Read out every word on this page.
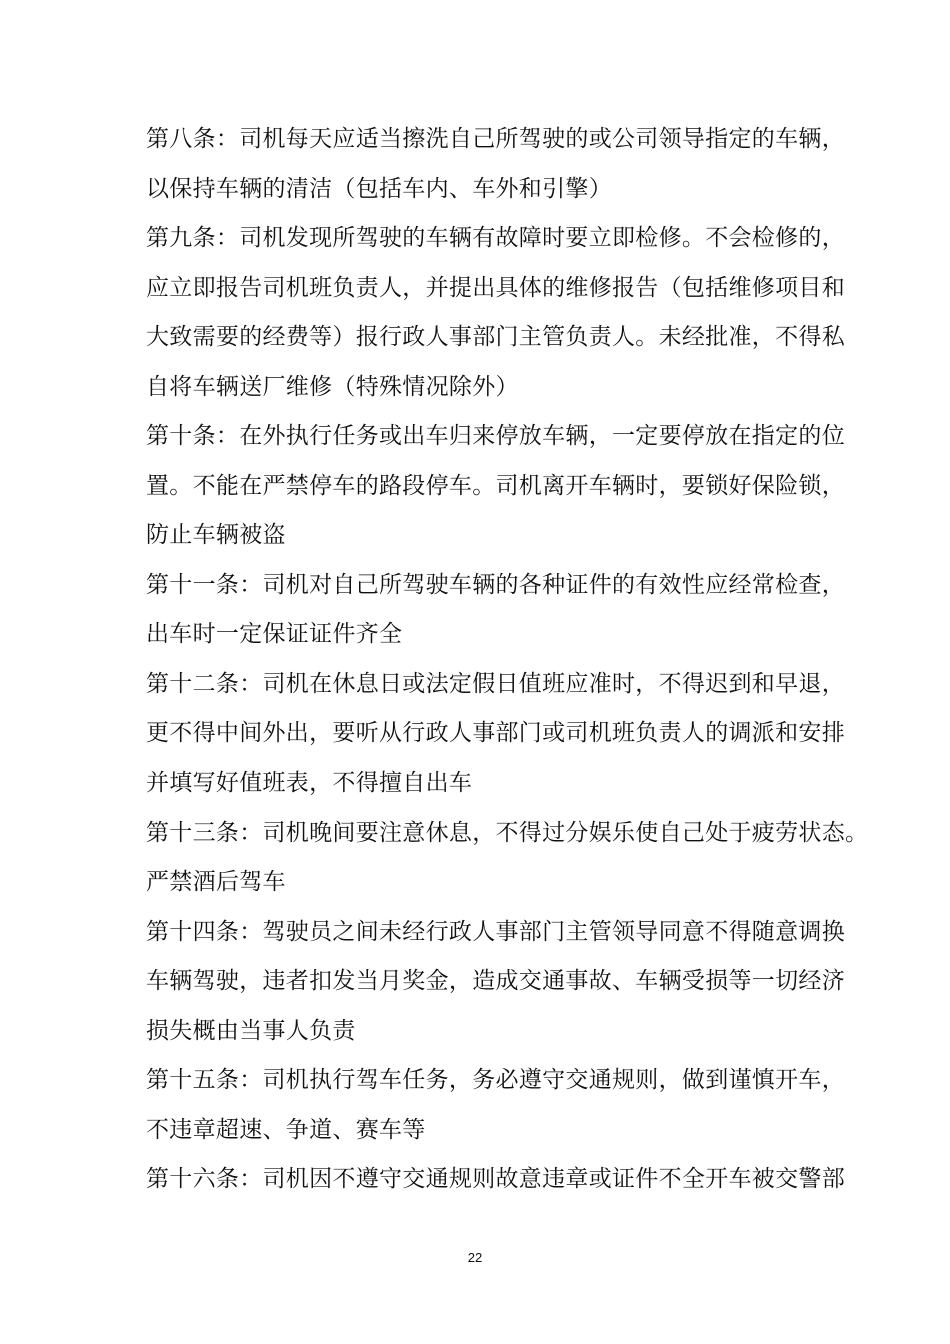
第八条：司机每天应适当擦洗自己所驾驶的或公司领导指定的车辆，
以保持车辆的清洁（包括车内、车外和引擎）
第九条：司机发现所驾驶的车辆有故障时要立即检修。不会检修的，
应立即报告司机班负责人，并提出具体的维修报告（包括维修项目和
大致需要的经费等）报行政人事部门主管负责人。未经批准，不得私
自将车辆送厂维修（特殊情况除外）
第十条：在外执行任务或出车归来停放车辆，一定要停放在指定的位
置。不能在严禁停车的路段停车。司机离开车辆时，要锁好保险锁，
防止车辆被盗
第十一条：司机对自己所驾驶车辆的各种证件的有效性应经常检查，
出车时一定保证证件齐全
第十二条：司机在休息日或法定假日值班应准时，不得迟到和早退，
更不得中间外出，要听从行政人事部门或司机班负责人的调派和安排
并填写好值班表，不得擅自出车
第十三条：司机晚间要注意休息，不得过分娱乐使自己处于疲劳状态。
严禁酒后驾车
第十四条：驾驶员之间未经行政人事部门主管领导同意不得随意调换
车辆驾驶，违者扣发当月奖金，造成交通事故、车辆受损等一切经济
损失概由当事人负责
第十五条：司机执行驾车任务，务必遵守交通规则，做到谨慎开车，
不违章超速、争道、赛车等
第十六条：司机因不遵守交通规则故意违章或证件不全开车被交警部
22
